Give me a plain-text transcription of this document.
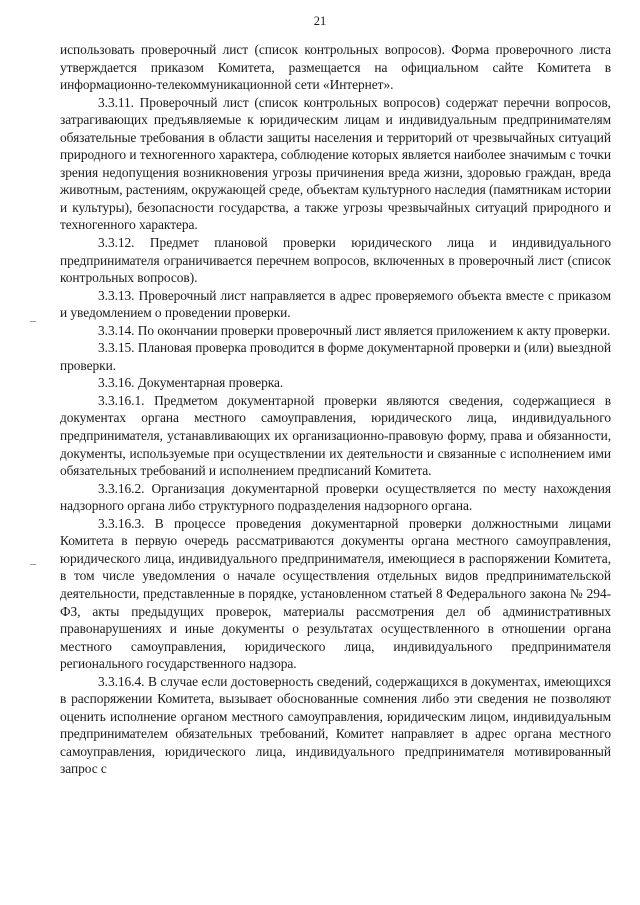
21

использовать проверочный лист (список контрольных вопросов). Форма проверочного листа утверждается приказом Комитета, размещается на официальном сайте Комитета в информационно-телекоммуникационной сети «Интернет».

3.3.11. Проверочный лист (список контрольных вопросов) содержат перечни вопросов, затрагивающих предъявляемые к юридическим лицам и индивидуальным предпринимателям обязательные требования в области защиты населения и территорий от чрезвычайных ситуаций природного и техногенного характера, соблюдение которых является наиболее значимым с точки зрения недопущения возникновения угрозы причинения вреда жизни, здоровью граждан, вреда животным, растениям, окружающей среде, объектам культурного наследия (памятникам истории и культуры), безопасности государства, а также угрозы чрезвычайных ситуаций природного и техногенного характера.

3.3.12. Предмет плановой проверки юридического лица и индивидуального предпринимателя ограничивается перечнем вопросов, включенных в проверочный лист (список контрольных вопросов).

3.3.13. Проверочный лист направляется в адрес проверяемого объекта вместе с приказом и уведомлением о проведении проверки.

3.3.14. По окончании проверки проверочный лист является приложением к акту проверки.

3.3.15. Плановая проверка проводится в форме документарной проверки и (или) выездной проверки.

3.3.16. Документарная проверка.

3.3.16.1. Предметом документарной проверки являются сведения, содержащиеся в документах органа местного самоуправления, юридического лица, индивидуального предпринимателя, устанавливающих их организационно-правовую форму, права и обязанности, документы, используемые при осуществлении их деятельности и связанные с исполнением ими обязательных требований и исполнением предписаний Комитета.

3.3.16.2. Организация документарной проверки осуществляется по месту нахождения надзорного органа либо структурного подразделения надзорного органа.

3.3.16.3. В процессе проведения документарной проверки должностными лицами Комитета в первую очередь рассматриваются документы органа местного самоуправления, юридического лица, индивидуального предпринимателя, имеющиеся в распоряжении Комитета, в том числе уведомления о начале осуществления отдельных видов предпринимательской деятельности, представленные в порядке, установленном статьей 8 Федерального закона № 294-ФЗ, акты предыдущих проверок, материалы рассмотрения дел об административных правонарушениях и иные документы о результатах осуществленного в отношении органа местного самоуправления, юридического лица, индивидуального предпринимателя регионального государственного надзора.

3.3.16.4. В случае если достоверность сведений, содержащихся в документах, имеющихся в распоряжении Комитета, вызывает обоснованные сомнения либо эти сведения не позволяют оценить исполнение органом местного самоуправления, юридическим лицом, индивидуальным предпринимателем обязательных требований, Комитет направляет в адрес органа местного самоуправления, юридического лица, индивидуального предпринимателя мотивированный запрос с
